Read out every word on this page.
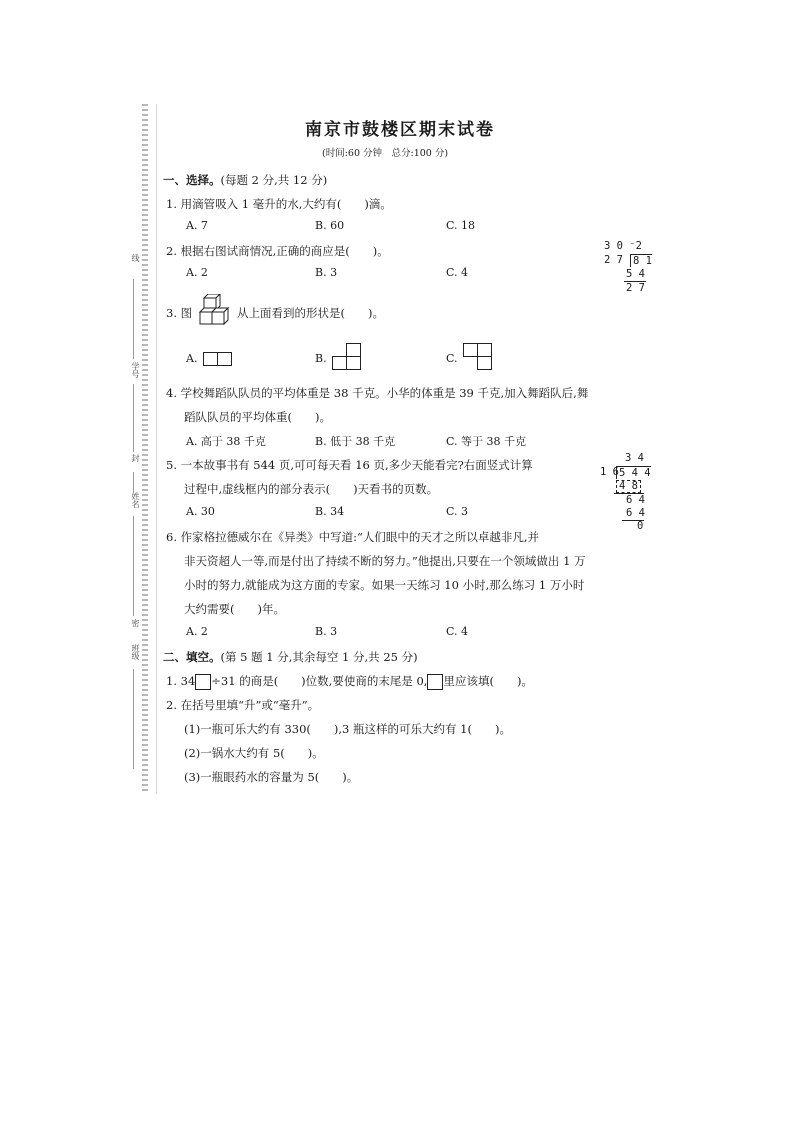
线
学号
封
姓名
密
班级
南京市鼓楼区期末试卷
(时间:60 分钟　总分:100 分)
一、选择。(每题 2 分,共 12 分)
1. 用滴管吸入 1 毫升的水,大约有(　　)滴。
A. 7	B. 60	C. 18
2. 根据右图试商情况,正确的商应是(　　)。
A. 2	B. 3	C. 4
3 0 ⁻2
2 7 8 1
5 4
2 7
3. 图	从上面看到的形状是(　　)。
A.	B.	C.
4. 学校舞蹈队队员的平均体重是 38 千克。小华的体重是 39 千克,加入舞蹈队后,舞
蹈队队员的平均体重(　　)。
A. 高于 38 千克	B. 低于 38 千克	C. 等于 38 千克
5. 一本故事书有 544 页,可可每天看 16 页,多少天能看完?右面竖式计算
过程中,虚线框内的部分表示(　　)天看书的页数。
A. 30	B. 34	C. 3
3 4
1 6 5 4 4
4 8
6 4
6 4
0
6. 作家格拉德威尔在《异类》中写道:“人们眼中的天才之所以卓越非凡,并
非天资超人一等,而是付出了持续不断的努力。”他提出,只要在一个领域做出 1 万
小时的努力,就能成为这方面的专家。如果一天练习 10 小时,那么练习 1 万小时
大约需要(　　)年。
A. 2	B. 3	C. 4
二、填空。(第 5 题 1 分,其余每空 1 分,共 25 分)
1. 34 ÷31 的商是(　　)位数,要使商的末尾是 0, 里应该填(　　)。
2. 在括号里填“升”或“毫升”。
(1)一瓶可乐大约有 330(　　),3 瓶这样的可乐大约有 1(　　)。
(2)一锅水大约有 5(　　)。
(3)一瓶眼药水的容量为 5(　　)。
